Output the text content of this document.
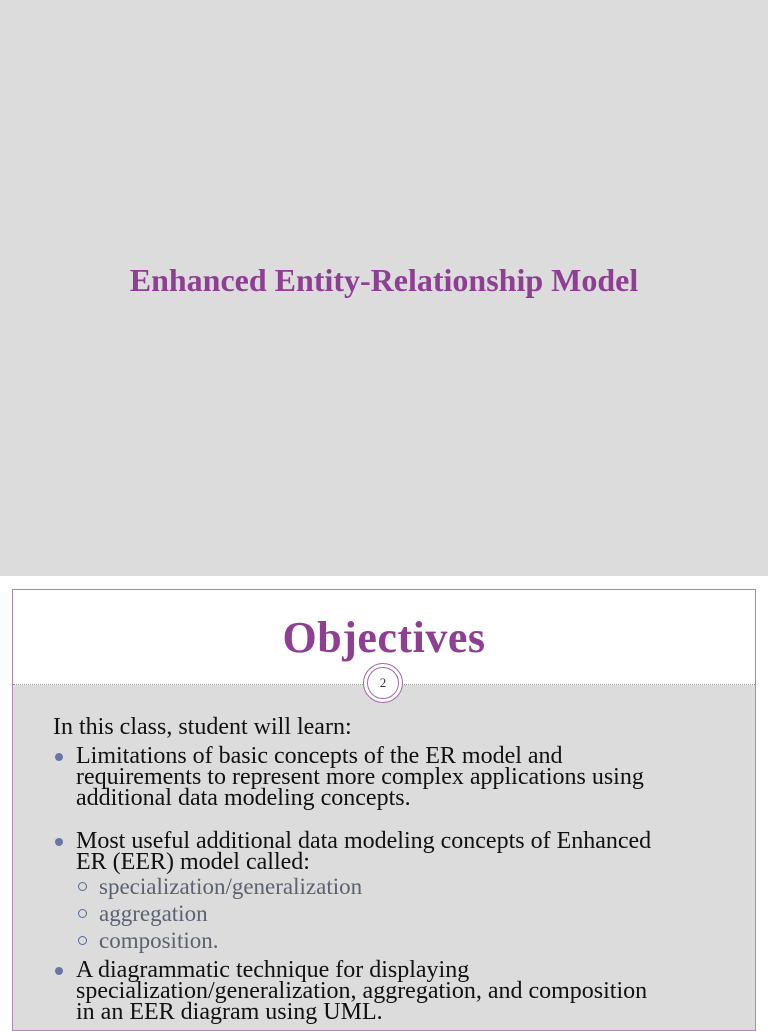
Enhanced Entity-Relationship Model
Objectives
2

In this class, student will learn:

Limitations of basic concepts of the ER model and
requirements to represent more complex applications using
additional data modeling concepts.
Most useful additional data modeling concepts of Enhanced
ER (EER) model called:
specialization/generalization
aggregation
composition.
A diagrammatic technique for displaying
specialization/generalization, aggregation, and composition
in an EER diagram using UML.
